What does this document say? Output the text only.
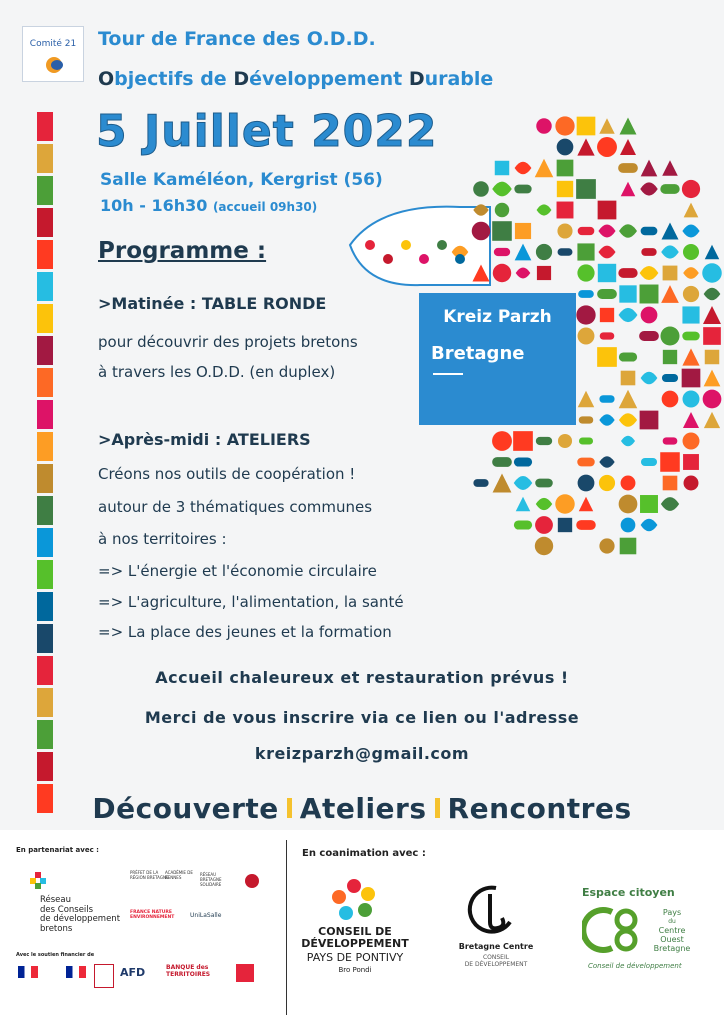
Comité 21	Tour de France des O.D.D.
Objectifs de Développement Durable
5 Juillet 2022
Salle Kaméléon, Kergrist (56)
10h - 16h30 (accueil 09h30)
Programme :
>Matinée : TABLE RONDE
pour découvrir des projets bretons
à travers les O.D.D. (en duplex)
>Après-midi : ATELIERS
Créons nos outils de coopération !
autour de 3 thématiques communes
à nos territoires :
=> L'énergie et l'économie circulaire
=> L'agriculture, l'alimentation, la santé
=> La place des jeunes et la formation
Kreiz Parzh
Bretagne
Accueil chaleureux et restauration prévus !
Merci de vous inscrire via ce lien ou l'adresse
kreizparzh@gmail.com
Découverte Ateliers Rencontres
En partenariat avec :
Réseau
des Conseils
de développement
bretons
PRÉFET DE LA RÉGION BRETAGNE
ACADÉMIE DE RENNES
RÉSEAU BRETAGNE SOLIDAIRE
FRANCE NATURE ENVIRONNEMENT	UniLaSalle
Avec le soutien financier de
AFD	BANQUE des TERRITOIRES
En coanimation avec :
CONSEIL DE
DÉVELOPPEMENT
PAYS DE PONTIVY
Bro Pondi
Bretagne Centre
CONSEIL
DE DÉVELOPPEMENT
Espace citoyen
Pays
du
Centre
Ouest
Bretagne
Conseil de développement
